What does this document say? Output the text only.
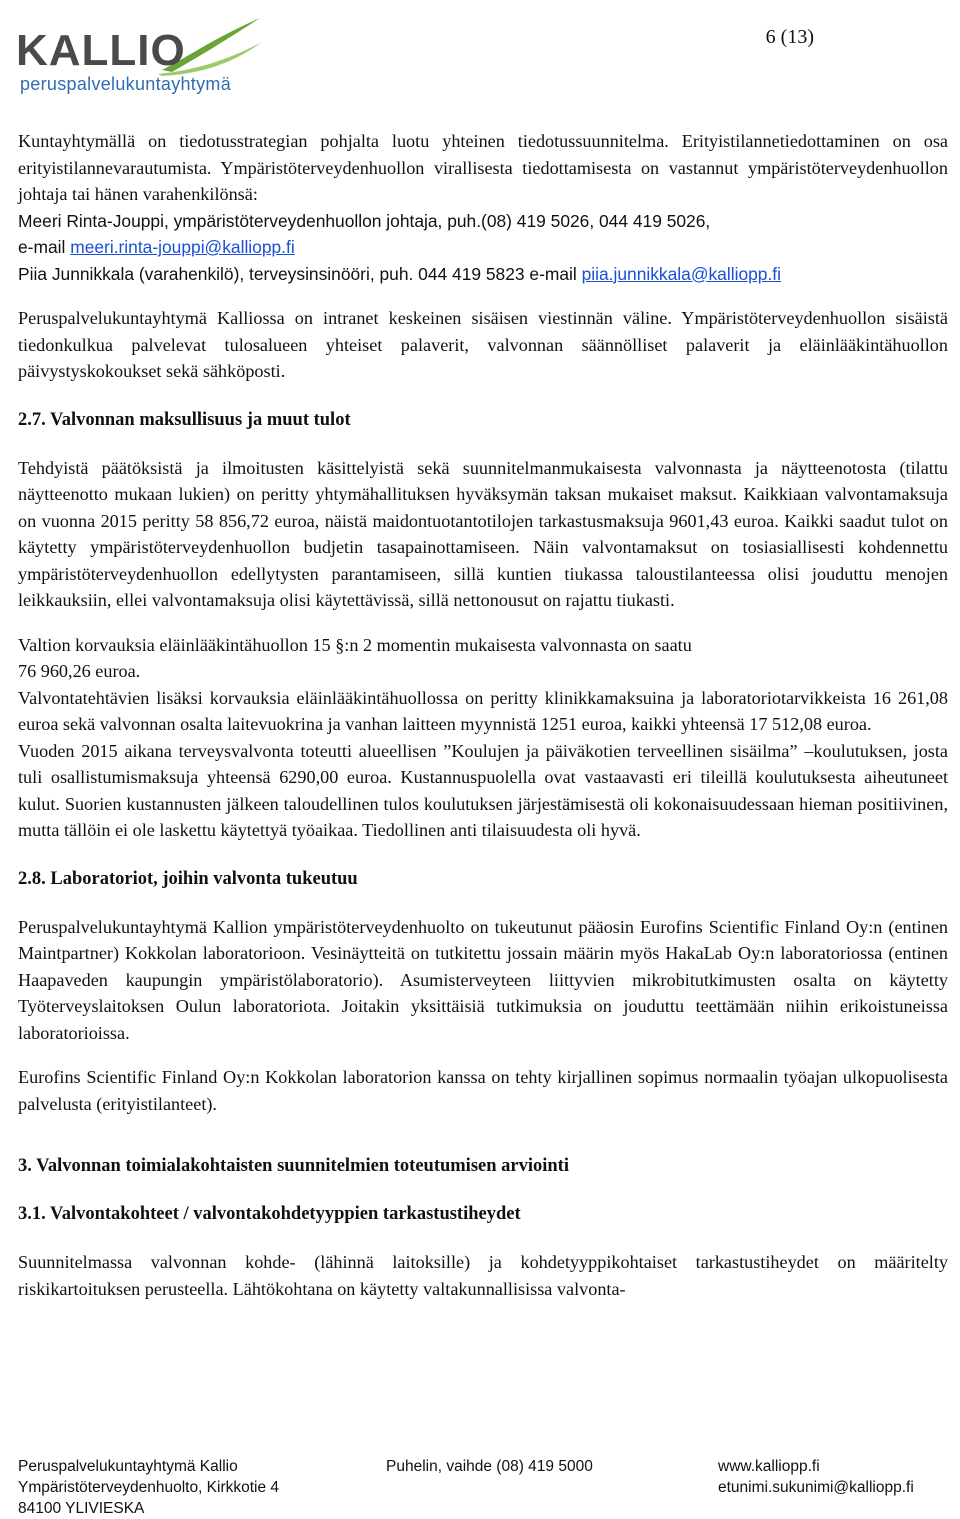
KALLIO
peruspalvelukuntayhtymä
6 (13)

Kuntayhtymällä on tiedotusstrategian pohjalta luotu yhteinen tiedotussuunnitelma. Erityistilannetiedottaminen on osa erityistilannevarautumista. Ympäristöterveydenhuollon virallisesta tiedottamisesta on vastannut ympäristöterveydenhuollon johtaja tai hänen varahenkilönsä:

Meeri Rinta-Jouppi, ympäristöterveydenhuollon johtaja, puh.(08) 419 5026, 044 419 5026,
e-mail meeri.rinta-jouppi@kalliopp.fi
Piia Junnikkala (varahenkilö), terveysinsinööri, puh. 044 419 5823 e-mail piia.junnikkala@kalliopp.fi

Peruspalvelukuntayhtymä Kalliossa on intranet keskeinen sisäisen viestinnän väline. Ympäristöterveydenhuollon sisäistä tiedonkulkua palvelevat tulosalueen yhteiset palaverit, valvonnan säännölliset palaverit ja eläinlääkintähuollon päivystyskokoukset sekä sähköposti.

2.7. Valvonnan maksullisuus ja muut tulot

Tehdyistä päätöksistä ja ilmoitusten käsittelyistä sekä suunnitelmanmukaisesta valvonnasta ja näytteenotosta (tilattu näytteenotto mukaan lukien) on peritty yhtymähallituksen hyväksymän taksan mukaiset maksut. Kaikkiaan valvontamaksuja on vuonna 2015 peritty 58 856,72 euroa, näistä maidontuotantotilojen tarkastusmaksuja 9601,43 euroa. Kaikki saadut tulot on käytetty ympäristöterveydenhuollon budjetin tasapainottamiseen. Näin valvontamaksut on tosiasiallisesti kohdennettu ympäristöterveydenhuollon edellytysten parantamiseen, sillä kuntien tiukassa taloustilanteessa olisi jouduttu menojen leikkauksiin, ellei valvontamaksuja olisi käytettävissä, sillä nettonousut on rajattu tiukasti.

Valtion korvauksia eläinlääkintähuollon 15 §:n 2 momentin mukaisesta valvonnasta on saatu

76 960,26 euroa.

Valvontatehtävien lisäksi korvauksia eläinlääkintähuollossa on peritty klinikkamaksuina ja laboratoriotarvikkeista 16 261,08 euroa sekä valvonnan osalta laitevuokrina ja vanhan laitteen myynnistä 1251 euroa, kaikki yhteensä 17 512,08 euroa.

Vuoden 2015 aikana terveysvalvonta toteutti alueellisen ”Koulujen ja päiväkotien terveellinen sisäilma” –koulutuksen, josta tuli osallistumismaksuja yhteensä 6290,00 euroa. Kustannuspuolella ovat vastaavasti eri tileillä koulutuksesta aiheutuneet kulut. Suorien kustannusten jälkeen taloudellinen tulos koulutuksen järjestämisestä oli kokonaisuudessaan hieman positiivinen, mutta tällöin ei ole laskettu käytettyä työaikaa. Tiedollinen anti tilaisuudesta oli hyvä.

2.8. Laboratoriot, joihin valvonta tukeutuu

Peruspalvelukuntayhtymä Kallion ympäristöterveydenhuolto on tukeutunut pääosin Eurofins Scientific Finland Oy:n (entinen Maintpartner) Kokkolan laboratorioon. Vesinäytteitä on tutkitettu jossain määrin myös HakaLab Oy:n laboratoriossa (entinen Haapaveden kaupungin ympäristölaboratorio). Asumisterveyteen liittyvien mikrobitutkimusten osalta on käytetty Työterveyslaitoksen Oulun laboratoriota. Joitakin yksittäisiä tutkimuksia on jouduttu teettämään niihin erikoistuneissa laboratorioissa.

Eurofins Scientific Finland Oy:n Kokkolan laboratorion kanssa on tehty kirjallinen sopimus normaalin työajan ulkopuolisesta palvelusta (erityistilanteet).

3. Valvonnan toimialakohtaisten suunnitelmien toteutumisen arviointi
3.1. Valvontakohteet / valvontakohdetyyppien tarkastustiheydet

Suunnitelmassa valvonnan kohde- (lähinnä laitoksille) ja kohdetyyppikohtaiset tarkastustiheydet on määritelty riskikartoituksen perusteella. Lähtökohtana on käytetty valtakunnallisissa valvonta-

Peruspalvelukuntayhtymä Kallio
Ympäristöterveydenhuolto, Kirkkotie 4
84100 YLIVIESKA
Puhelin, vaihde (08) 419 5000	www.kalliopp.fi
etunimi.sukunimi@kalliopp.fi
